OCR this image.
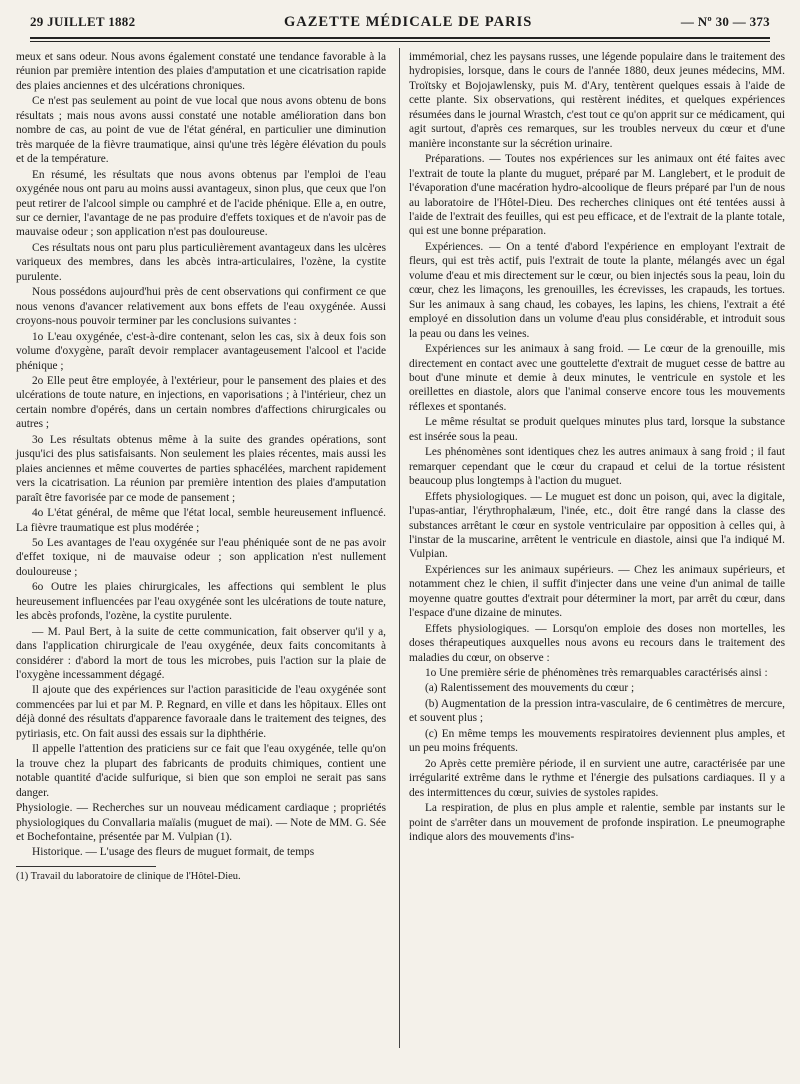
29 JUILLET 1882	GAZETTE MÉDICALE DE PARIS	— Nº 30 — 373

meux et sans odeur. Nous avons également constaté une tendance favorable à la réunion par première intention des plaies d'amputation et une cicatrisation rapide des plaies anciennes et des ulcérations chroniques.

Ce n'est pas seulement au point de vue local que nous avons obtenu de bons résultats ; mais nous avons aussi constaté une notable amélioration dans bon nombre de cas, au point de vue de l'état général, en particulier une diminution très marquée de la fièvre traumatique, ainsi qu'une très légère élévation du pouls et de la température.

En résumé, les résultats que nous avons obtenus par l'emploi de l'eau oxygénée nous ont paru au moins aussi avantageux, sinon plus, que ceux que l'on peut retirer de l'alcool simple ou camphré et de l'acide phénique. Elle a, en outre, sur ce dernier, l'avantage de ne pas produire d'effets toxiques et de n'avoir pas de mauvaise odeur ; son application n'est pas douloureuse.

Ces résultats nous ont paru plus particulièrement avantageux dans les ulcères variqueux des membres, dans les abcès intra-articulaires, l'ozène, la cystite purulente.

Nous possédons aujourd'hui près de cent observations qui confirment ce que nous venons d'avancer relativement aux bons effets de l'eau oxygénée. Aussi croyons-nous pouvoir terminer par les conclusions suivantes :

1o L'eau oxygénée, c'est-à-dire contenant, selon les cas, six à deux fois son volume d'oxygène, paraît devoir remplacer avantageusement l'alcool et l'acide phénique ;

2o Elle peut être employée, à l'extérieur, pour le pansement des plaies et des ulcérations de toute nature, en injections, en vaporisations ; à l'intérieur, chez un certain nombre d'opérés, dans un certain nombres d'affections chirurgicales ou autres ;

3o Les résultats obtenus même à la suite des grandes opérations, sont jusqu'ici des plus satisfaisants. Non seulement les plaies récentes, mais aussi les plaies anciennes et même couvertes de parties sphacélées, marchent rapidement vers la cicatrisation. La réunion par première intention des plaies d'amputation paraît être favorisée par ce mode de pansement ;

4o L'état général, de même que l'état local, semble heureusement influencé. La fièvre traumatique est plus modérée ;

5o Les avantages de l'eau oxygénée sur l'eau phéniquée sont de ne pas avoir d'effet toxique, ni de mauvaise odeur ; son application n'est nullement douloureuse ;

6o Outre les plaies chirurgicales, les affections qui semblent le plus heureusement influencées par l'eau oxygénée sont les ulcérations de toute nature, les abcès profonds, l'ozène, la cystite purulente.

— M. Paul Bert, à la suite de cette communication, fait observer qu'il y a, dans l'application chirurgicale de l'eau oxygénée, deux faits concomitants à considérer : d'abord la mort de tous les microbes, puis l'action sur la plaie de l'oxygène incessamment dégagé.

Il ajoute que des expériences sur l'action parasiticide de l'eau oxygénée sont commencées par lui et par M. P. Regnard, en ville et dans les hôpitaux. Elles ont déjà donné des résultats d'apparence favoraale dans le traitement des teignes, des pytiriasis, etc. On fait aussi des essais sur la diphthérie.

Il appelle l'attention des praticiens sur ce fait que l'eau oxygénée, telle qu'on la trouve chez la plupart des fabricants de produits chimiques, contient une notable quantité d'acide sulfurique, si bien que son emploi ne serait pas sans danger.

Physiologie. — Recherches sur un nouveau médicament cardiaque ; propriétés physiologiques du Convallaria maïalis (muguet de mai). — Note de MM. G. Sée et Bochefontaine, présentée par M. Vulpian (1).

Historique. — L'usage des fleurs de muguet formait, de temps

(1) Travail du laboratoire de clinique de l'Hôtel-Dieu.

immémorial, chez les paysans russes, une légende populaire dans le traitement des hydropisies, lorsque, dans le cours de l'année 1880, deux jeunes médecins, MM. Troïtsky et Bojojawlensky, puis M. d'Ary, tentèrent quelques essais à l'aide de cette plante. Six observations, qui restèrent inédites, et quelques expériences résumées dans le journal Wrastch, c'est tout ce qu'on apprit sur ce médicament, qui agit surtout, d'après ces remarques, sur les troubles nerveux du cœur et d'une manière inconstante sur la sécrétion urinaire.

Préparations. — Toutes nos expériences sur les animaux ont été faites avec l'extrait de toute la plante du muguet, préparé par M. Langlebert, et le produit de l'évaporation d'une macération hydro-alcoolique de fleurs préparé par l'un de nous au laboratoire de l'Hôtel-Dieu. Des recherches cliniques ont été tentées aussi à l'aide de l'extrait des feuilles, qui est peu efficace, et de l'extrait de la plante totale, qui est une bonne préparation.

Expériences. — On a tenté d'abord l'expérience en employant l'extrait de fleurs, qui est très actif, puis l'extrait de toute la plante, mélangés avec un égal volume d'eau et mis directement sur le cœur, ou bien injectés sous la peau, loin du cœur, chez les limaçons, les grenouilles, les écrevisses, les crapauds, les tortues. Sur les animaux à sang chaud, les cobayes, les lapins, les chiens, l'extrait a été employé en dissolution dans un volume d'eau plus considérable, et introduit sous la peau ou dans les veines.

Expériences sur les animaux à sang froid. — Le cœur de la grenouille, mis directement en contact avec une gouttelette d'extrait de muguet cesse de battre au bout d'une minute et demie à deux minutes, le ventricule en systole et les oreillettes en diastole, alors que l'animal conserve encore tous les mouvements réflexes et spontanés.

Le même résultat se produit quelques minutes plus tard, lorsque la substance est insérée sous la peau.

Les phénomènes sont identiques chez les autres animaux à sang froid ; il faut remarquer cependant que le cœur du crapaud et celui de la tortue résistent beaucoup plus longtemps à l'action du muguet.

Effets physiologiques. — Le muguet est donc un poison, qui, avec la digitale, l'upas-antiar, l'érythrophalæum, l'inée, etc., doit être rangé dans la classe des substances arrêtant le cœur en systole ventriculaire par opposition à celles qui, à l'instar de la muscarine, arrêtent le ventricule en diastole, ainsi que l'a indiqué M. Vulpian.

Expériences sur les animaux supérieurs. — Chez les animaux supérieurs, et notamment chez le chien, il suffit d'injecter dans une veine d'un animal de taille moyenne quatre gouttes d'extrait pour déterminer la mort, par arrêt du cœur, dans l'espace d'une dizaine de minutes.

Effets physiologiques. — Lorsqu'on emploie des doses non mortelles, les doses thérapeutiques auxquelles nous avons eu recours dans le traitement des maladies du cœur, on observe :

1o Une première série de phénomènes très remarquables caractérisés ainsi :

(a) Ralentissement des mouvements du cœur ;

(b) Augmentation de la pression intra-vasculaire, de 6 centimètres de mercure, et souvent plus ;

(c) En même temps les mouvements respiratoires deviennent plus amples, et un peu moins fréquents.

2o Après cette première période, il en survient une autre, caractérisée par une irrégularité extrême dans le rythme et l'énergie des pulsations cardiaques. Il y a des intermittences du cœur, suivies de systoles rapides.

La respiration, de plus en plus ample et ralentie, semble par instants sur le point de s'arrêter dans un mouvement de profonde inspiration. Le pneumographe indique alors des mouvements d'ins-
